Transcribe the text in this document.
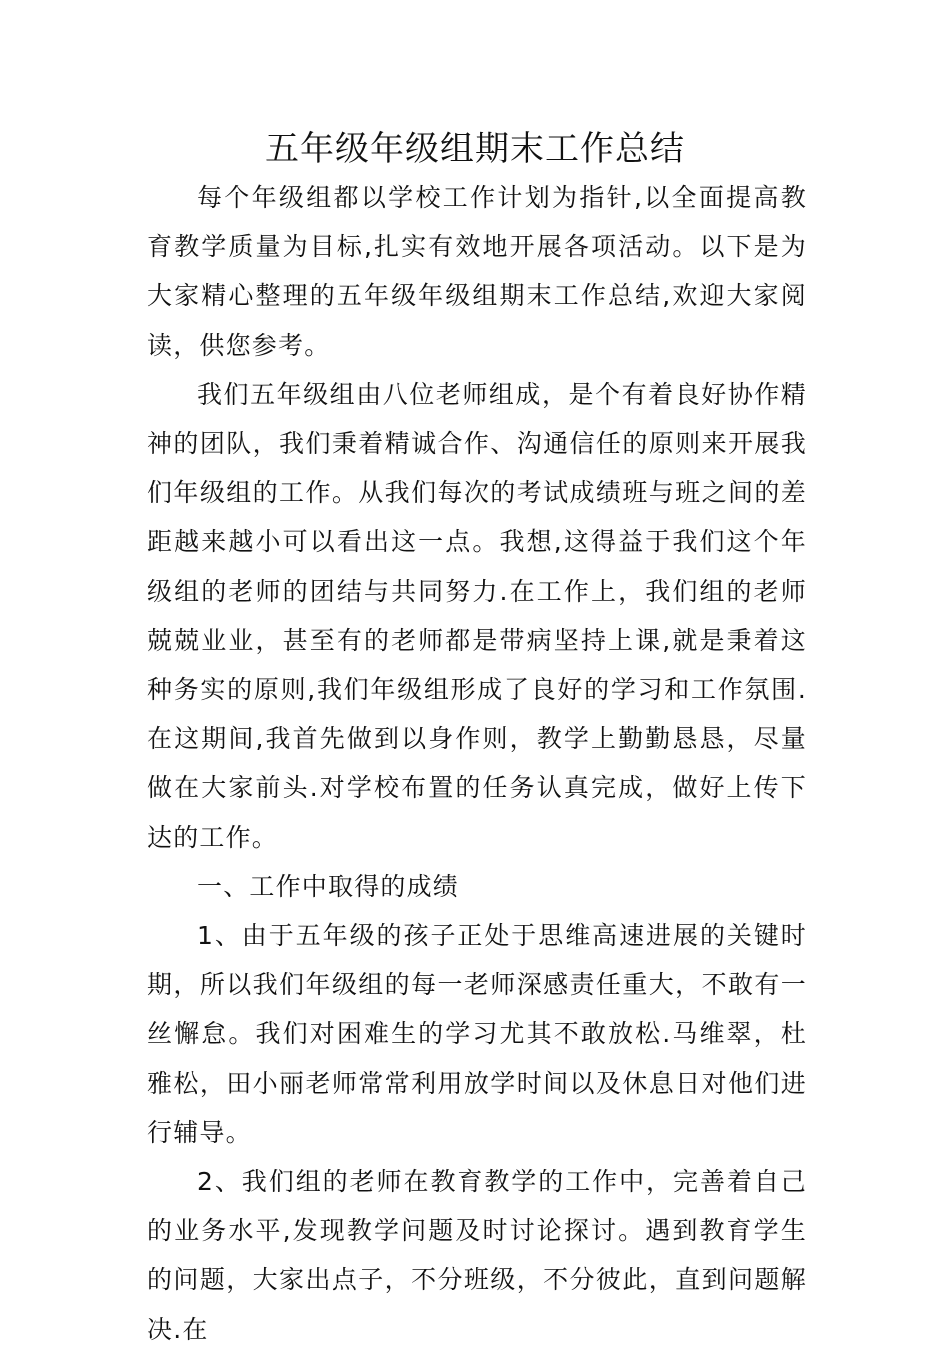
五年级年级组期末工作总结

每个年级组都以学校工作计划为指针,以全面提高教育教学质量为目标,扎实有效地开展各项活动。以下是为大家精心整理的五年级年级组期末工作总结,欢迎大家阅读，供您参考。

我们五年级组由八位老师组成，是个有着良好协作精神的团队，我们秉着精诚合作、沟通信任的原则来开展我们年级组的工作。从我们每次的考试成绩班与班之间的差距越来越小可以看出这一点。我想,这得益于我们这个年级组的老师的团结与共同努力.在工作上，我们组的老师兢兢业业，甚至有的老师都是带病坚持上课,就是秉着这种务实的原则,我们年级组形成了良好的学习和工作氛围.在这期间,我首先做到以身作则，教学上勤勤恳恳，尽量做在大家前头.对学校布置的任务认真完成，做好上传下达的工作。

一、工作中取得的成绩

1、由于五年级的孩子正处于思维高速进展的关键时期，所以我们年级组的每一老师深感责任重大，不敢有一丝懈怠。我们对困难生的学习尤其不敢放松.马维翠，杜雅松，田小丽老师常常利用放学时间以及休息日对他们进行辅导。

2、我们组的老师在教育教学的工作中，完善着自己的业务水平,发现教学问题及时讨论探讨。遇到教育学生的问题，大家出点子，不分班级，不分彼此，直到问题解决.在
